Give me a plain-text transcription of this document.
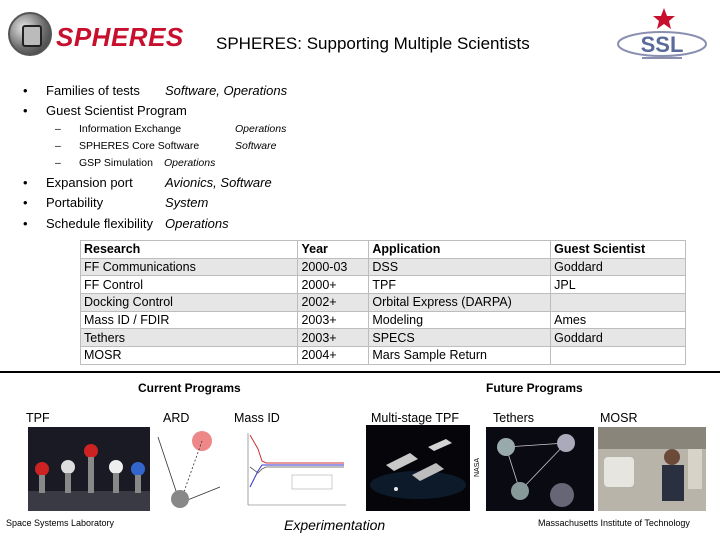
SPHERES SPHERES: Supporting Multiple Scientists	SSL
• Families of tests Software, Operations
• Guest Scientist Program
– Information Exchange	Operations
– SPHERES Core Software	Software
– GSP Simulation Operations
• Expansion port Avionics, Software
• Portability	System
• Schedule flexibility Operations
Research	Year	Application	Guest Scientist
FF Communications	2000-03	DSS	Goddard
FF Control	2000+	TPF	JPL
Docking Control	2002+	Orbital Express (DARPA)	
Mass ID / FDIR	2003+	Modeling	Ames
Tethers	2003+	SPECS	Goddard
MOSR	2004+	Mars Sample Return	
Current Programs	Future Programs
TPF	ARD	Mass ID	Multi-stage TPF	Tethers	MOSR
NASA
Space Systems Laboratory	Experimentation	Massachusetts Institute of Technology
